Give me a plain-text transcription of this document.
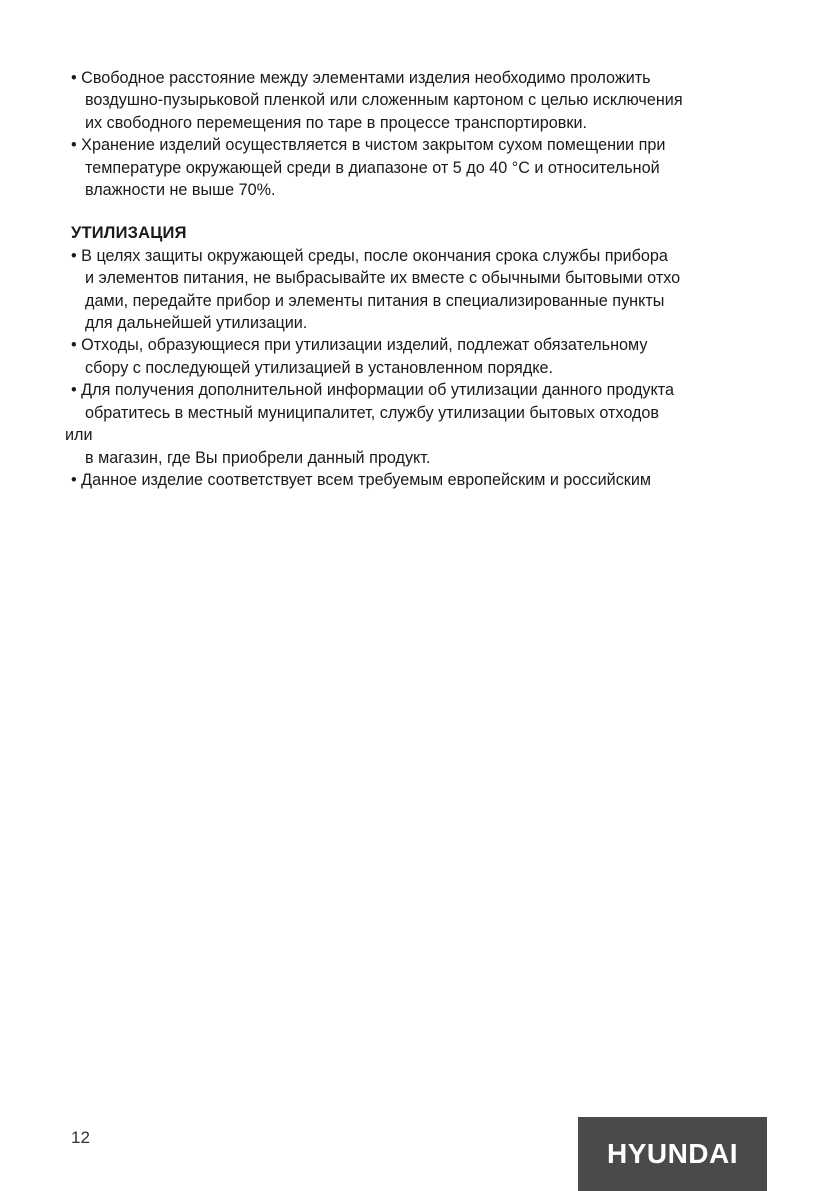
• Свободное расстояние между элементами изделия необходимо проложить
воздушно-пузырьковой пленкой или сложенным картоном с целью исключения
их свободного перемещения по таре в процессе транспортировки.
• Хранение изделий осуществляется в чистом закрытом сухом помещении при
температуре окружающей среди в диапазоне от 5 до 40 °C и относительной
влажности не выше 70%.
УТИЛИЗАЦИЯ
• В целях защиты окружающей среды, после окончания срока службы прибора
и элементов питания, не выбрасывайте их вместе с обычными бытовыми отхо
дами, передайте прибор и элементы питания в специализированные пункты
для дальнейшей утилизации.
• Отходы, образующиеся при утилизации изделий, подлежат обязательному
сбору с последующей утилизацией в установленном порядке.
• Для получения дополнительной информации об утилизации данного продукта
обратитесь в местный муниципалитет, службу утилизации бытовых отходов
или
в магазин, где Вы приобрели данный продукт.
• Данное изделие соответствует всем требуемым европейским и российским
12
HYUNDAI
